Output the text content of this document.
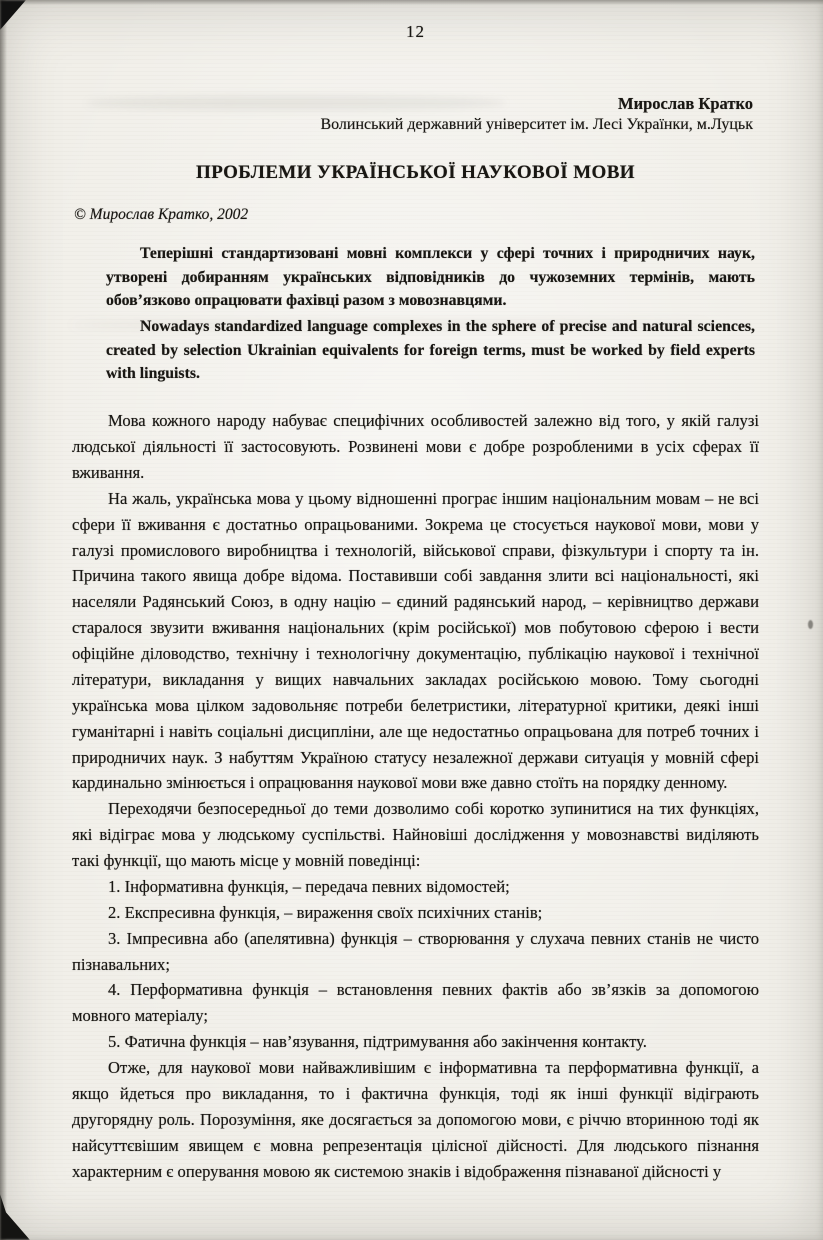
12
Мирослав Кратко
Волинський державний університет ім. Лесі Українки, м.Луцьк
ПРОБЛЕМИ УКРАЇНСЬКОЇ НАУКОВОЇ МОВИ
© Мирослав Кратко, 2002
Теперішні стандартизовані мовні комплекси у сфері точних і природничих наук, утворені добиранням українських відповідників до чужоземних термінів, мають обов’язково опрацювати фахівці разом з мовознавцями.
Nowadays standardized language complexes in the sphere of precise and natural sciences, created by selection Ukrainian equivalents for foreign terms, must be worked by field experts with linguists.

Мова кожного народу набуває специфічних особливостей залежно від того, у якій галузі людської діяльності її застосовують. Розвинені мови є добре розробленими в усіх сферах її вживання.

На жаль, українська мова у цьому відношенні програє іншим національним мовам – не всі сфери її вживання є достатньо опрацьованими. Зокрема це стосується наукової мови, мови у галузі промислового виробництва і технологій, військової справи, фізкультури і спорту та ін. Причина такого явища добре відома. Поставивши собі завдання злити всі національності, які населяли Радянський Союз, в одну націю – єдиний радянський народ, – керівництво держави старалося звузити вживання національних (крім російської) мов побутовою сферою і вести офіційне діловодство, технічну і технологічну документацію, публікацію наукової і технічної літератури, викладання у вищих навчальних закладах російською мовою. Тому сьогодні українська мова цілком задовольняє потреби белетристики, літературної критики, деякі інші гуманітарні і навіть соціальні дисципліни, але ще недостатньо опрацьована для потреб точних і природничих наук. З набуттям Україною статусу незалежної держави ситуація у мовній сфері кардинально змінюється і опрацювання наукової мови вже давно стоїть на порядку денному.

Переходячи безпосередньої до теми дозволимо собі коротко зупинитися на тих функціях, які відіграє мова у людському суспільстві. Найновіші дослідження у мовознавстві виділяють такі функції, що мають місце у мовній поведінці:

1. Інформативна функція, – передача певних відомостей;

2. Експресивна функція, – вираження своїх психічних станів;

3. Імпресивна або (апелятивна) функція – створювання у слухача певних станів не чисто пізнавальних;

4. Перформативна функція – встановлення певних фактів або зв’язків за допомогою мовного матеріалу;

5. Фатична функція – нав’язування, підтримування або закінчення контакту.

Отже, для наукової мови найважливішим є інформативна та перформативна функції, а якщо йдеться про викладання, то і фактична функція, тоді як інші функції відіграють другорядну роль. Порозуміння, яке досягається за допомогою мови, є річчю вторинною тоді як найсуттєвішим явищем є мовна репрезентація цілісної дійсності. Для людського пізнання характерним є оперування мовою як системою знаків і відображення пізнаваної дійсності у
